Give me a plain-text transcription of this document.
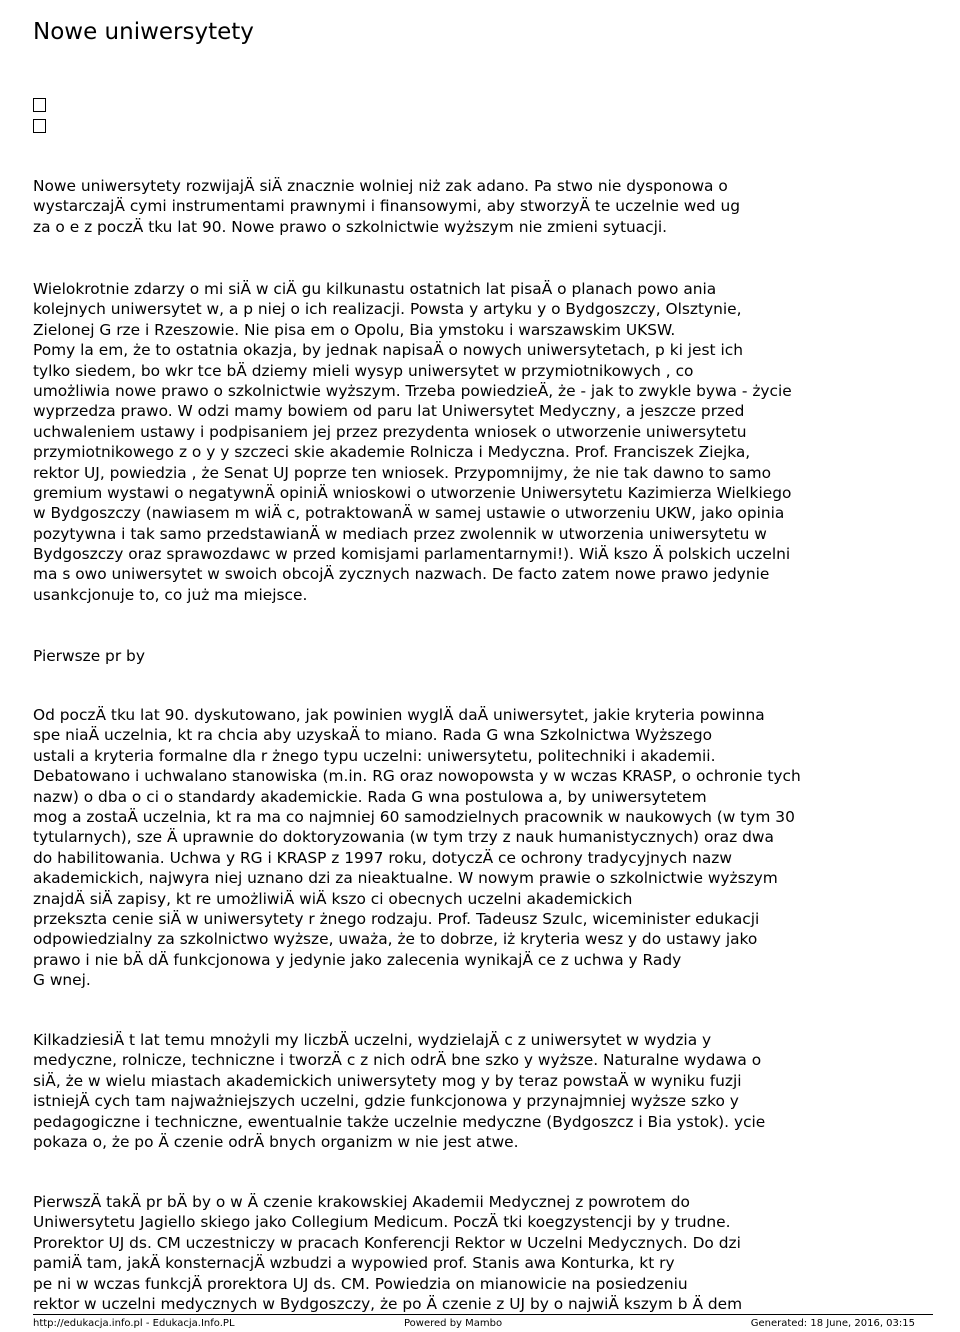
Nowe uniwersytety
Nowe uniwersytety rozwijajÄ siÄ znacznie wolniej niż zak adano. Pa stwo nie dysponowa o
wystarczajÄ cymi instrumentami prawnymi i finansowymi, aby stworzyÄ te uczelnie wed ug
za o e z poczÄ tku lat 90. Nowe prawo o szkolnictwie wyższym nie zmieni sytuacji.
Wielokrotnie zdarzy o mi siÄ w ciÄ gu kilkunastu ostatnich lat pisaÄ o planach powo ania
kolejnych uniwersytet w, a p niej o ich realizacji. Powsta y artyku y o Bydgoszczy, Olsztynie,
Zielonej G rze i Rzeszowie. Nie pisa em o Opolu, Bia ymstoku i warszawskim UKSW.
Pomy la em, że to ostatnia okazja, by jednak napisaÄ o nowych uniwersytetach, p ki jest ich
tylko siedem, bo wkr tce bÄ dziemy mieli wysyp uniwersytet w przymiotnikowych , co
umożliwia nowe prawo o szkolnictwie wyższym. Trzeba powiedzieÄ, że - jak to zwykle bywa - życie
wyprzedza prawo. W odzi mamy bowiem od paru lat Uniwersytet Medyczny, a jeszcze przed
uchwaleniem ustawy i podpisaniem jej przez prezydenta wniosek o utworzenie uniwersytetu
przymiotnikowego z o y y szczeci skie akademie Rolnicza i Medyczna. Prof. Franciszek Ziejka,
rektor UJ, powiedzia , że Senat UJ poprze ten wniosek. Przypomnijmy, że nie tak dawno to samo
gremium wystawi o negatywnÄ opiniÄ wnioskowi o utworzenie Uniwersytetu Kazimierza Wielkiego
w Bydgoszczy (nawiasem m wiÄ c, potraktowanÄ w samej ustawie o utworzeniu UKW, jako opinia
pozytywna i tak samo przedstawianÄ w mediach przez zwolennik w utworzenia uniwersytetu w
Bydgoszczy oraz sprawozdawc w przed komisjami parlamentarnymi!). WiÄ kszo Ä polskich uczelni
ma s owo uniwersytet w swoich obcojÄ zycznych nazwach. De facto zatem nowe prawo jedynie
usankcjonuje to, co już ma miejsce.
Pierwsze pr by
Od poczÄ tku lat 90. dyskutowano, jak powinien wyglÄ daÄ uniwersytet, jakie kryteria powinna
spe niaÄ uczelnia, kt ra chcia aby uzyskaÄ to miano. Rada G wna Szkolnictwa Wyższego
ustali a kryteria formalne dla r żnego typu uczelni: uniwersytetu, politechniki i akademii.
Debatowano i uchwalano stanowiska (m.in. RG oraz nowopowsta y w wczas KRASP, o ochronie tych
nazw) o dba o ci o standardy akademickie. Rada G wna postulowa a, by uniwersytetem
mog a zostaÄ uczelnia, kt ra ma co najmniej 60 samodzielnych pracownik w naukowych (w tym 30
tytularnych), sze Ä uprawnie do doktoryzowania (w tym trzy z nauk humanistycznych) oraz dwa
do habilitowania. Uchwa y RG i KRASP z 1997 roku, dotyczÄ ce ochrony tradycyjnych nazw
akademickich, najwyra niej uznano dzi za nieaktualne. W nowym prawie o szkolnictwie wyższym
znajdÄ siÄ zapisy, kt re umożliwiÄ wiÄ kszo ci obecnych uczelni akademickich
przekszta cenie siÄ w uniwersytety r żnego rodzaju. Prof. Tadeusz Szulc, wiceminister edukacji
odpowiedzialny za szkolnictwo wyższe, uważa, że to dobrze, iż kryteria wesz y do ustawy jako
prawo i nie bÄ dÄ funkcjonowa y jedynie jako zalecenia wynikajÄ ce z uchwa y Rady
G wnej.
KilkadziesiÄ t lat temu mnożyli my liczbÄ uczelni, wydzielajÄ c z uniwersytet w wydzia y
medyczne, rolnicze, techniczne i tworzÄ c z nich odrÄ bne szko y wyższe. Naturalne wydawa o
siÄ, że w wielu miastach akademickich uniwersytety mog y by teraz powstaÄ w wyniku fuzji
istniejÄ cych tam najważniejszych uczelni, gdzie funkcjonowa y przynajmniej wyższe szko y
pedagogiczne i techniczne, ewentualnie także uczelnie medyczne (Bydgoszcz i Bia ystok). ycie
pokaza o, że po Ä czenie odrÄ bnych organizm w nie jest atwe.
PierwszÄ takÄ pr bÄ by o w Ä czenie krakowskiej Akademii Medycznej z powrotem do
Uniwersytetu Jagiello skiego jako Collegium Medicum. PoczÄ tki koegzystencji by y trudne.
Prorektor UJ ds. CM uczestniczy w pracach Konferencji Rektor w Uczelni Medycznych. Do dzi
pamiÄ tam, jakÄ konsternacjÄ wzbudzi a wypowied prof. Stanis awa Konturka, kt ry
pe ni w wczas funkcjÄ prorektora UJ ds. CM. Powiedzia on mianowicie na posiedzeniu
rektor w uczelni medycznych w Bydgoszczy, że po Ä czenie z UJ by o najwiÄ kszym b Ä dem
http://edukacja.info.pl - Edukacja.Info.PL	Powered by Mambo	Generated: 18 June, 2016, 03:15
